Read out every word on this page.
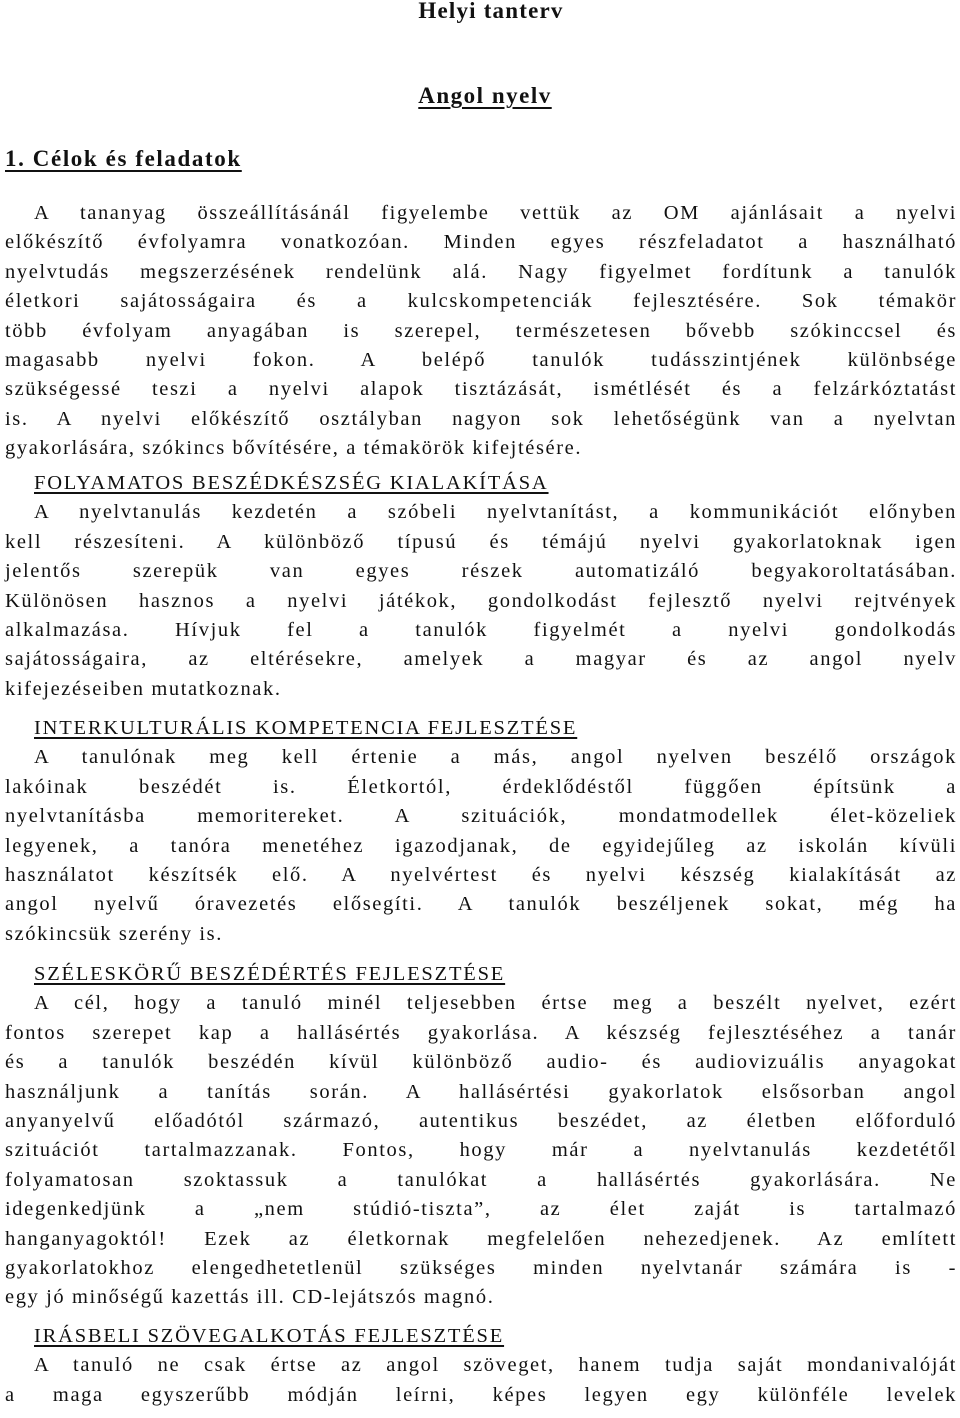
Helyi tanterv
Angol nyelv
1. Célok és feladatok

A tananyag összeállításánál figyelembe vettük az OM ajánlásait a nyelvi

előkészítő évfolyamra vonatkozóan. Minden egyes részfeladatot a használható
nyelvtudás megszerzésének rendelünk alá. Nagy figyelmet fordítunk a tanulók
életkori sajátosságaira és a kulcskompetenciák fejlesztésére. Sok témakör
több évfolyam anyagában is szerepel, természetesen bővebb szókinccsel és
magasabb nyelvi fokon. A belépő tanulók tudásszintjének különbsége
szükségessé teszi a nyelvi alapok tisztázását, ismétlését és a felzárkóztatást
is. A nyelvi előkészítő osztályban nagyon sok lehetőségünk van a nyelvtan
gyakorlására, szókincs bővítésére, a témakörök kifejtésére.

FOLYAMATOS BESZÉDKÉSZSÉG KIALAKÍTÁSA

A nyelvtanulás kezdetén a szóbeli nyelvtanítást, a kommunikációt előnyben

kell részesíteni. A különböző típusú és témájú nyelvi gyakorlatoknak igen
jelentős szerepük van egyes részek automatizáló begyakoroltatásában.
Különösen hasznos a nyelvi játékok, gondolkodást fejlesztő nyelvi rejtvények
alkalmazása. Hívjuk fel a tanulók figyelmét a nyelvi gondolkodás
sajátosságaira, az eltérésekre, amelyek a magyar és az angol nyelv
kifejezéseiben mutatkoznak.

INTERKULTURÁLIS KOMPETENCIA FEJLESZTÉSE

A tanulónak meg kell értenie a más, angol nyelven beszélő országok

lakóinak beszédét is. Életkortól, érdeklődéstől függően építsünk a
nyelvtanításba memoritereket. A szituációk, mondatmodellek élet-közeliek
legyenek, a tanóra menetéhez igazodjanak, de egyidejűleg az iskolán kívüli
használatot készítsék elő. A nyelvértest és nyelvi készség kialakítását az
angol nyelvű óravezetés elősegíti. A tanulók beszéljenek sokat, még ha
szókincsük szerény is.

SZÉLESKÖRŰ BESZÉDÉRTÉS FEJLESZTÉSE

A cél, hogy a tanuló minél teljesebben értse meg a beszélt nyelvet, ezért

fontos szerepet kap a hallásértés gyakorlása. A készség fejlesztéséhez a tanár
és a tanulók beszédén kívül különböző audio- és audiovizuális anyagokat
használjunk a tanítás során. A hallásértési gyakorlatok elsősorban angol
anyanyelvű előadótól származó, autentikus beszédet, az életben előforduló
szituációt tartalmazzanak. Fontos, hogy már a nyelvtanulás kezdetétől
folyamatosan szoktassuk a tanulókat a hallásértés gyakorlására. Ne
idegenkedjünk a „nem stúdió-tiszta”, az élet zaját is tartalmazó
hanganyagoktól! Ezek az életkornak megfelelően nehezedjenek. Az említett
gyakorlatokhoz elengedhetetlenül szükséges minden nyelvtanár számára is -
egy jó minőségű kazettás ill. CD-lejátszós magnó.

IRÁSBELI SZÖVEGALKOTÁS FEJLESZTÉSE

A tanuló ne csak értse az angol szöveget, hanem tudja saját mondanivalóját

a maga egyszerűbb módján leírni, képes legyen egy különféle levelek
